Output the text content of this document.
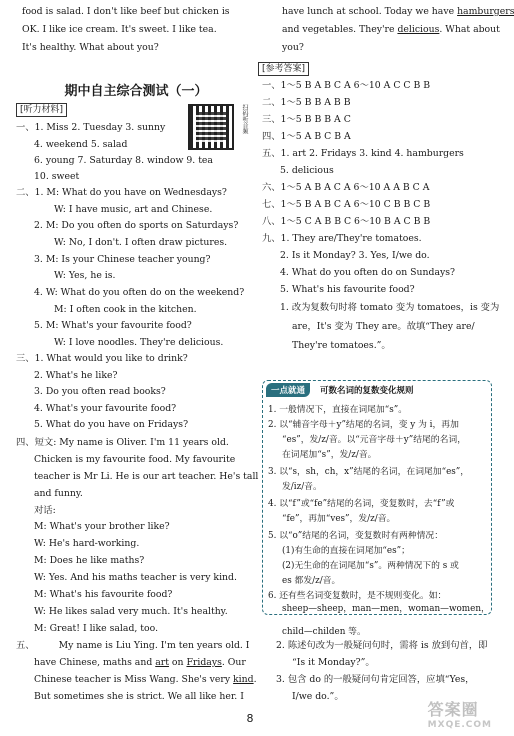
food is salad. I don't like beef but chicken is
OK. I like ice cream. It's sweet. I like tea.
It's healthy. What about you?
期中自主综合测试（一）
[听力材料]	扫码听音频
一、1. Miss 2. Tuesday 3. sunny
4. weekend 5. salad
6. young 7. Saturday 8. window 9. tea
10. sweet
二、1. M: What do you have on Wednesdays?
W: I have music, art and Chinese.
2. M: Do you often do sports on Saturdays?
W: No, I don't. I often draw pictures.
3. M: Is your Chinese teacher young?
W: Yes, he is.
4. W: What do you often do on the weekend?
M: I often cook in the kitchen.
5. M: What's your favourite food?
W: I love noodles. They're delicious.
三、1. What would you like to drink?
2. What's he like?
3. Do you often read books?
4. What's your favourite food?
5. What do you have on Fridays?
四、短文: My name is Oliver. I'm 11 years old.
Chicken is my favourite food. My favourite
teacher is Mr Li. He is our art teacher. He's tall
and funny.
对话:
M: What's your brother like?
W: He's hard-working.
M: Does he like maths?
W: Yes. And his maths teacher is very kind.
M: What's his favourite food?
W: He likes salad very much. It's healthy.
M: Great! I like salad, too.
五、	My name is Liu Ying. I'm ten years old. I
have Chinese, maths and art on Fridays. Our
Chinese teacher is Miss Wang. She's very kind.
But sometimes she is strict. We all like her. I
have lunch at school. Today we have hamburgers
and vegetables. They're delicious. What about
you?
[参考答案]
一、1～5 B A B C A 6～10 A C C B B
二、1～5 B B A B B
三、1～5 B B B A C
四、1～5 A B C B A
五、1. art 2. Fridays 3. kind 4. hamburgers
5. delicious
六、1～5 A B A C A 6～10 A A B C A
七、1～5 B A B C A 6～10 C B B C B
八、1～5 C A B B C 6～10 B A C B B
九、1. They are/They're tomatoes.
2. Is it Monday? 3. Yes, I/we do.
4. What do you often do on Sundays?
5. What's his favourite food?
1. 改为复数句时将 tomato 变为 tomatoes，is 变为
are，It's 变为 They are。故填“They are/
They're tomatoes.”。
一点就通	可数名词的复数变化规则
1. 一般情况下，直接在词尾加“s”。
2. 以“辅音字母＋y”结尾的名词，变 y 为 i，再加
“es”，发/z/音。以“元音字母＋y”结尾的名词，
在词尾加“s”，发/z/音。
3. 以“s，sh，ch，x”结尾的名词，在词尾加“es”，
发/iz/音。
4. 以“f”或“fe”结尾的名词，变复数时，去“f”或
“fe”，再加“ves”，发/z/音。
5. 以“o”结尾的名词，变复数时有两种情况：
(1)有生命的直接在词尾加“es”；
(2)无生命的在词尾加“s”。两种情况下的 s 或
es 都发/z/音。
6. 还有些名词变复数时，是不规则变化。如：
sheep—sheep，man—men，woman—women，
child—childen 等。
2. 陈述句改为一般疑问句时，需将 is 放到句首，即
“Is it Monday?”。
3. 包含 do 的一般疑问句肯定回答，应填“Yes，
I/we do.”。
8	答案圈
MXQE.COM
